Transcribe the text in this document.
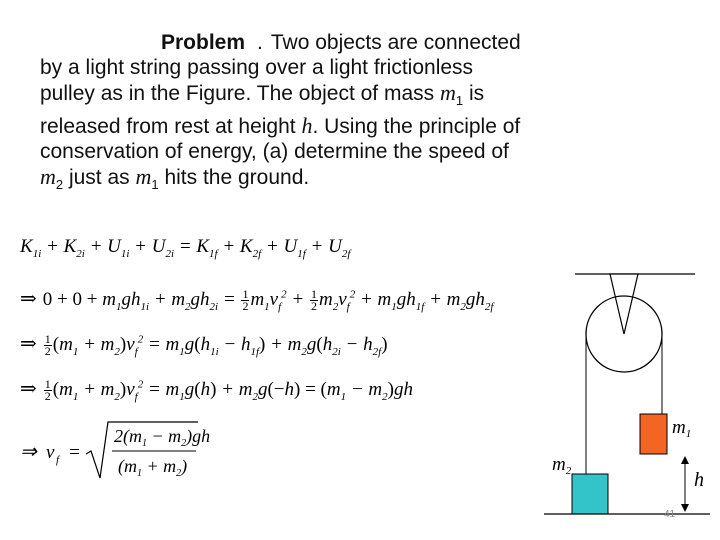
Problem . Two objects are connected
by a light string passing over a light frictionless
pulley as in the Figure. The object of mass $m_1$ is
released from rest at height h. Using the principle of
conservation of energy, (a) determine the speed of
$m_2$ just as $m_1$ hits the ground.
$K_{1i} + K_{2i} + U_{1i} + U_{2i} = K_{1f} + K_{2f} + U_{1f} + U_{2f}$
⇒ $0 + 0 + m_1gh_{1i} + m_2gh_{2i} = \frac{1}{2} m_1v_f^2 + \frac{1}{2} m_2v_f^2 + m_1gh_{1f} + m_2gh_{2f}$
⇒ $\frac{1}{2} (m_1 + m_2)v_f^2 = m_1g(h_{1i} - h_{1f}) + m_2g(h_{2i} - h_{2f})$
⇒ $\frac{1}{2} (m_1 + m_2)v_f^2 = m_1g(h) + m_2g(-h) = (m_1 - m_2)gh$
⇒ v f =
$2(m_1 - m_2)gh$
$(m_1 + m_2)$
$m_1$
$m_2$	h
41
